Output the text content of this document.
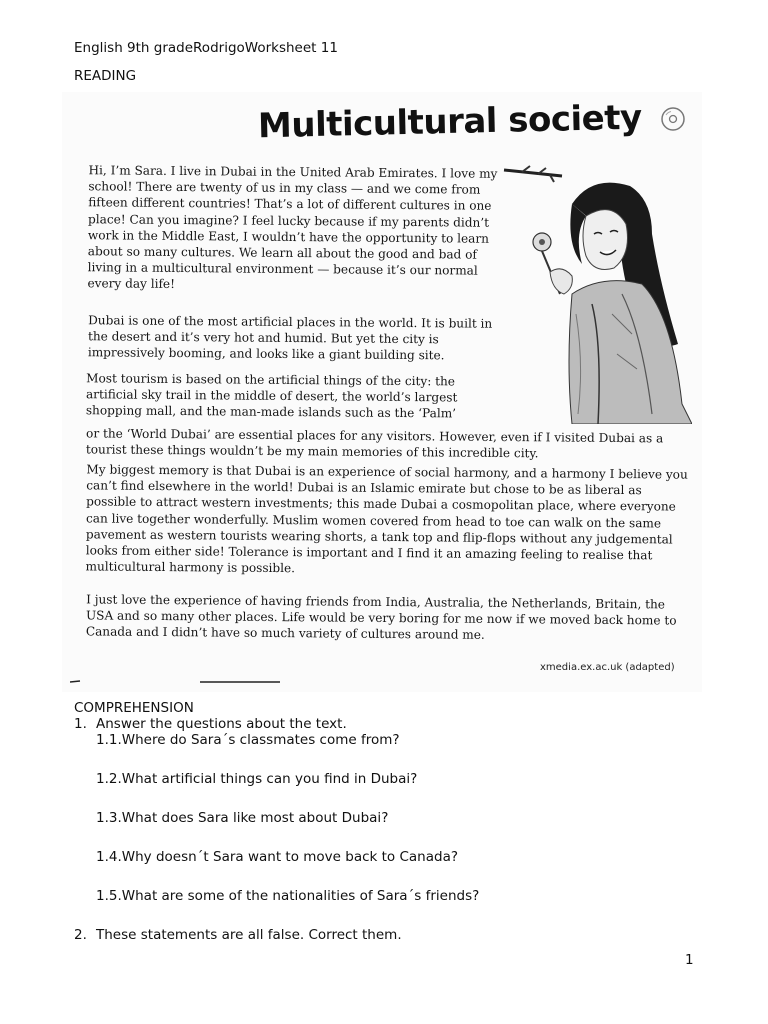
English 9th gradeRodrigoWorksheet 11
READING
Multicultural society

Hi, I’m Sara. I live in Dubai in the United Arab Emirates. I love my school! There are twenty of us in my class — and we come from fifteen different countries! That’s a lot of different cultures in one place! Can you imagine? I feel lucky because if my parents didn’t work in the Middle East, I wouldn’t have the opportunity to learn about so many cultures. We learn all about the good and bad of living in a multicultural environment — because it’s our normal every day life!

Dubai is one of the most artificial places in the world. It is built in the desert and it’s very hot and humid. But yet the city is impressively booming, and looks like a giant building site.

Most tourism is based on the artificial things of the city: the artificial sky trail in the middle of desert, the world’s largest shopping mall, and the man-made islands such as the ‘Palm’

or the ‘World Dubai’ are essential places for any visitors. However, even if I visited Dubai as a tourist these things wouldn’t be my main memories of this incredible city.

My biggest memory is that Dubai is an experience of social harmony, and a harmony I believe you can’t find elsewhere in the world! Dubai is an Islamic emirate but chose to be as liberal as possible to attract western investments; this made Dubai a cosmopolitan place, where everyone can live together wonderfully. Muslim women covered from head to toe can walk on the same pavement as western tourists wearing shorts, a tank top and flip-flops without any judgemental looks from either side! Tolerance is important and I find it an amazing feeling to realise that multicultural harmony is possible.

I just love the experience of having friends from India, Australia, the Netherlands, Britain, the USA and so many other places. Life would be very boring for me now if we moved back home to Canada and I didn’t have so much variety of cultures around me.

xmedia.ex.ac.uk (adapted)

COMPREHENSION

1. Answer the questions about the text.

1.1.Where do Sara´s classmates come from?

1.2.What artificial things can you find in Dubai?

1.3.What does Sara like most about Dubai?

1.4.Why doesn´t Sara want to move back to Canada?

1.5.What are some of the nationalities of Sara´s friends?

2. These statements are all false. Correct them.

1
